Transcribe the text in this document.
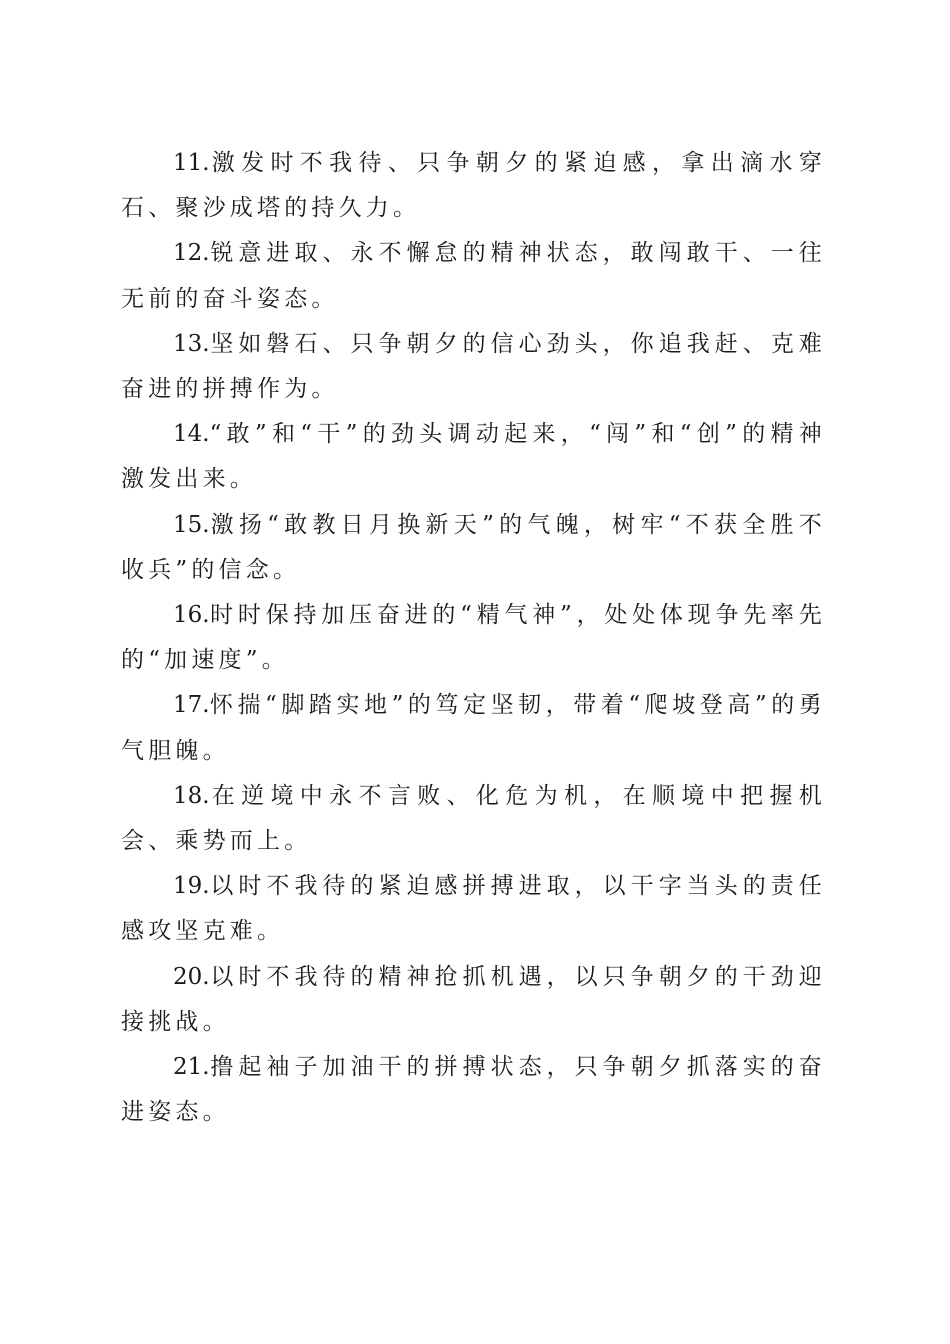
11.激发时不我待、只争朝夕的紧迫感，拿出滴水穿石、聚沙成塔的持久力。

12.锐意进取、永不懈怠的精神状态，敢闯敢干、一往无前的奋斗姿态。

13.坚如磐石、只争朝夕的信心劲头，你追我赶、克难奋进的拼搏作为。

14.“敢”和“干”的劲头调动起来，“闯”和“创”的精神激发出来。

15.激扬“敢教日月换新天”的气魄，树牢“不获全胜不收兵”的信念。

16.时时保持加压奋进的“精气神”，处处体现争先率先的“加速度”。

17.怀揣“脚踏实地”的笃定坚韧，带着“爬坡登高”的勇气胆魄。

18.在逆境中永不言败、化危为机，在顺境中把握机会、乘势而上。

19.以时不我待的紧迫感拼搏进取，以干字当头的责任感攻坚克难。

20.以时不我待的精神抢抓机遇，以只争朝夕的干劲迎接挑战。

21.撸起袖子加油干的拼搏状态，只争朝夕抓落实的奋进姿态。
